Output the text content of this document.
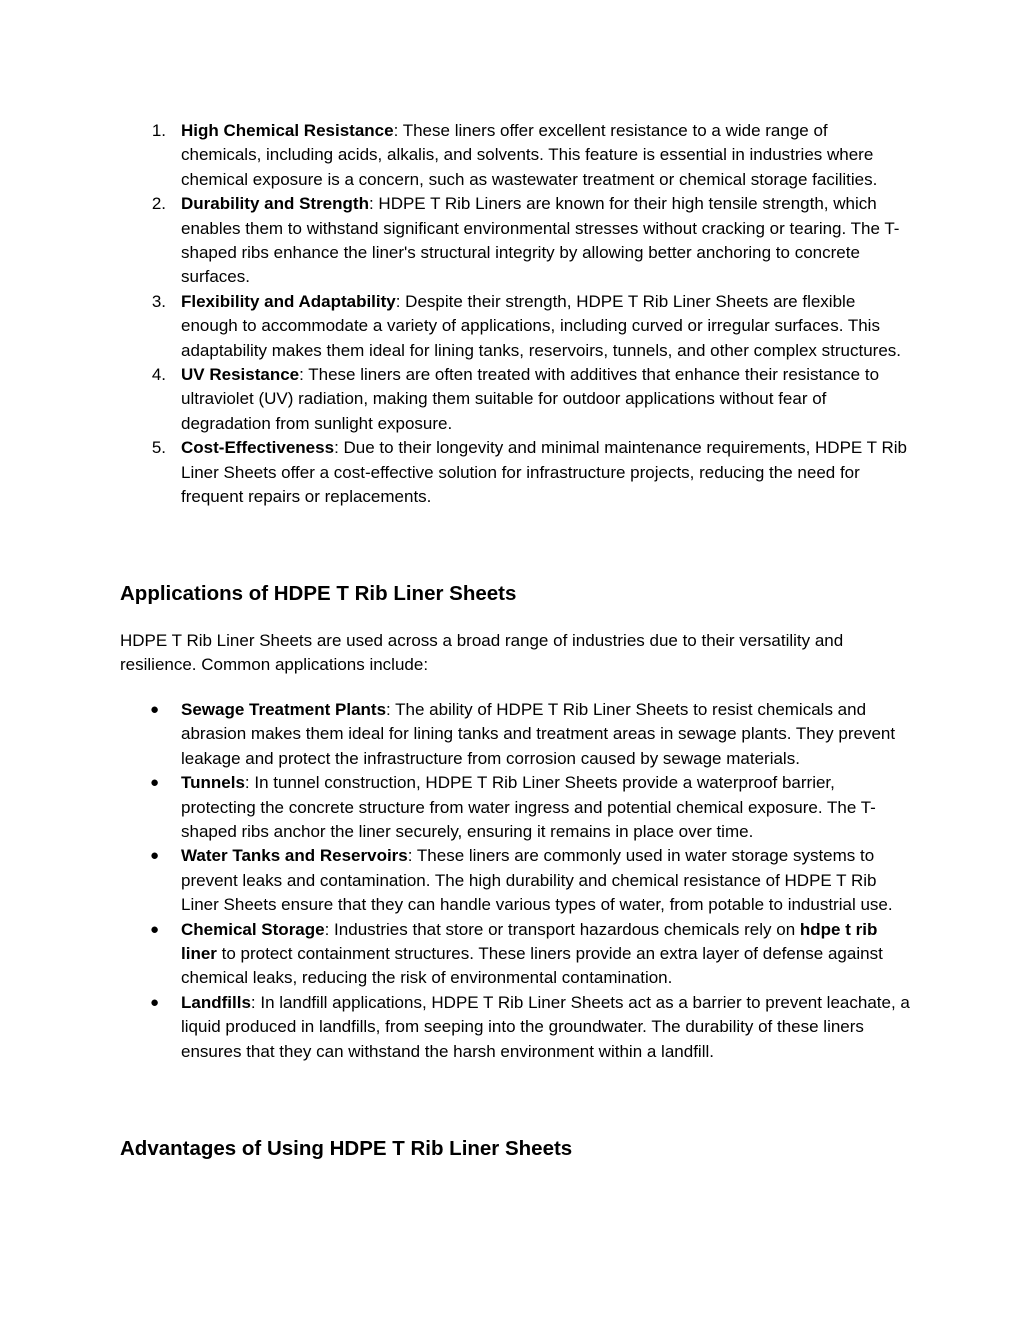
1. High Chemical Resistance: These liners offer excellent resistance to a wide range of chemicals, including acids, alkalis, and solvents. This feature is essential in industries where chemical exposure is a concern, such as wastewater treatment or chemical storage facilities.
2. Durability and Strength: HDPE T Rib Liners are known for their high tensile strength, which enables them to withstand significant environmental stresses without cracking or tearing. The T-shaped ribs enhance the liner's structural integrity by allowing better anchoring to concrete surfaces.
3. Flexibility and Adaptability: Despite their strength, HDPE T Rib Liner Sheets are flexible enough to accommodate a variety of applications, including curved or irregular surfaces. This adaptability makes them ideal for lining tanks, reservoirs, tunnels, and other complex structures.
4. UV Resistance: These liners are often treated with additives that enhance their resistance to ultraviolet (UV) radiation, making them suitable for outdoor applications without fear of degradation from sunlight exposure.
5. Cost-Effectiveness: Due to their longevity and minimal maintenance requirements, HDPE T Rib Liner Sheets offer a cost-effective solution for infrastructure projects, reducing the need for frequent repairs or replacements.
Applications of HDPE T Rib Liner Sheets

HDPE T Rib Liner Sheets are used across a broad range of industries due to their versatility and resilience. Common applications include:

●	Sewage Treatment Plants: The ability of HDPE T Rib Liner Sheets to resist chemicals and abrasion makes them ideal for lining tanks and treatment areas in sewage plants. They prevent leakage and protect the infrastructure from corrosion caused by sewage materials.
●	Tunnels: In tunnel construction, HDPE T Rib Liner Sheets provide a waterproof barrier, protecting the concrete structure from water ingress and potential chemical exposure. The T-shaped ribs anchor the liner securely, ensuring it remains in place over time.
●	Water Tanks and Reservoirs: These liners are commonly used in water storage systems to prevent leaks and contamination. The high durability and chemical resistance of HDPE T Rib Liner Sheets ensure that they can handle various types of water, from potable to industrial use.
●	Chemical Storage: Industries that store or transport hazardous chemicals rely on hdpe t rib liner to protect containment structures. These liners provide an extra layer of defense against chemical leaks, reducing the risk of environmental contamination.
●	Landfills: In landfill applications, HDPE T Rib Liner Sheets act as a barrier to prevent leachate, a liquid produced in landfills, from seeping into the groundwater. The durability of these liners ensures that they can withstand the harsh environment within a landfill.
Advantages of Using HDPE T Rib Liner Sheets
